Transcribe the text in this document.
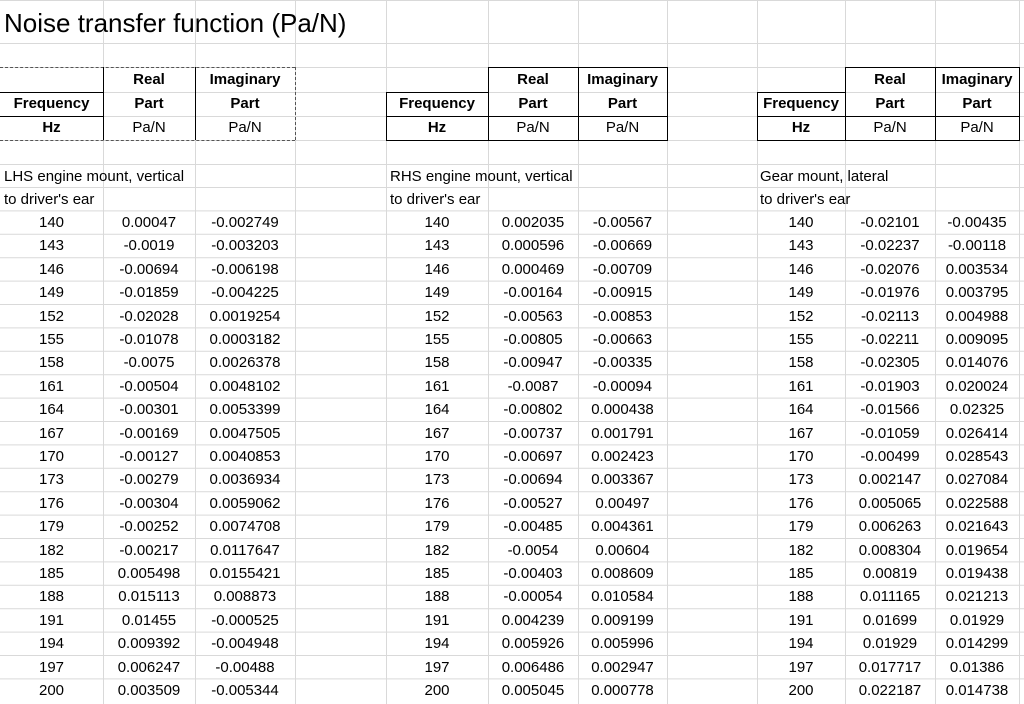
Noise transfer function (Pa/N)
Frequency
Hz
Real
Part
Pa/N
Imaginary
Part
Pa/N
Frequency
Hz
Real
Part
Pa/N
Imaginary
Part
Pa/N
Frequency
Hz
Real
Part
Pa/N
Imaginary
Part
Pa/N
LHS engine mount, vertical
to driver's ear
RHS engine mount, vertical
to driver's ear
Gear mount, lateral
to driver's ear
140	0.00047	-0.002749
143	-0.0019	-0.003203
146	-0.00694	-0.006198
149	-0.01859	-0.004225
152	-0.02028	0.0019254
155	-0.01078	0.0003182
158	-0.0075	0.0026378
161	-0.00504	0.0048102
164	-0.00301	0.0053399
167	-0.00169	0.0047505
170	-0.00127	0.0040853
173	-0.00279	0.0036934
176	-0.00304	0.0059062
179	-0.00252	0.0074708
182	-0.00217	0.0117647
185	0.005498	0.0155421
188	0.015113	0.008873
191	0.01455	-0.000525
194	0.009392	-0.004948
197	0.006247	-0.00488
200	0.003509	-0.005344
140	0.002035	-0.00567
143	0.000596	-0.00669
146	0.000469	-0.00709
149	-0.00164	-0.00915
152	-0.00563	-0.00853
155	-0.00805	-0.00663
158	-0.00947	-0.00335
161	-0.0087	-0.00094
164	-0.00802	0.000438
167	-0.00737	0.001791
170	-0.00697	0.002423
173	-0.00694	0.003367
176	-0.00527	0.00497
179	-0.00485	0.004361
182	-0.0054	0.00604
185	-0.00403	0.008609
188	-0.00054	0.010584
191	0.004239	0.009199
194	0.005926	0.005996
197	0.006486	0.002947
200	0.005045	0.000778
140	-0.02101	-0.00435
143	-0.02237	-0.00118
146	-0.02076	0.003534
149	-0.01976	0.003795
152	-0.02113	0.004988
155	-0.02211	0.009095
158	-0.02305	0.014076
161	-0.01903	0.020024
164	-0.01566	0.02325
167	-0.01059	0.026414
170	-0.00499	0.028543
173	0.002147	0.027084
176	0.005065	0.022588
179	0.006263	0.021643
182	0.008304	0.019654
185	0.00819	0.019438
188	0.011165	0.021213
191	0.01699	0.01929
194	0.01929	0.014299
197	0.017717	0.01386
200	0.022187	0.014738
